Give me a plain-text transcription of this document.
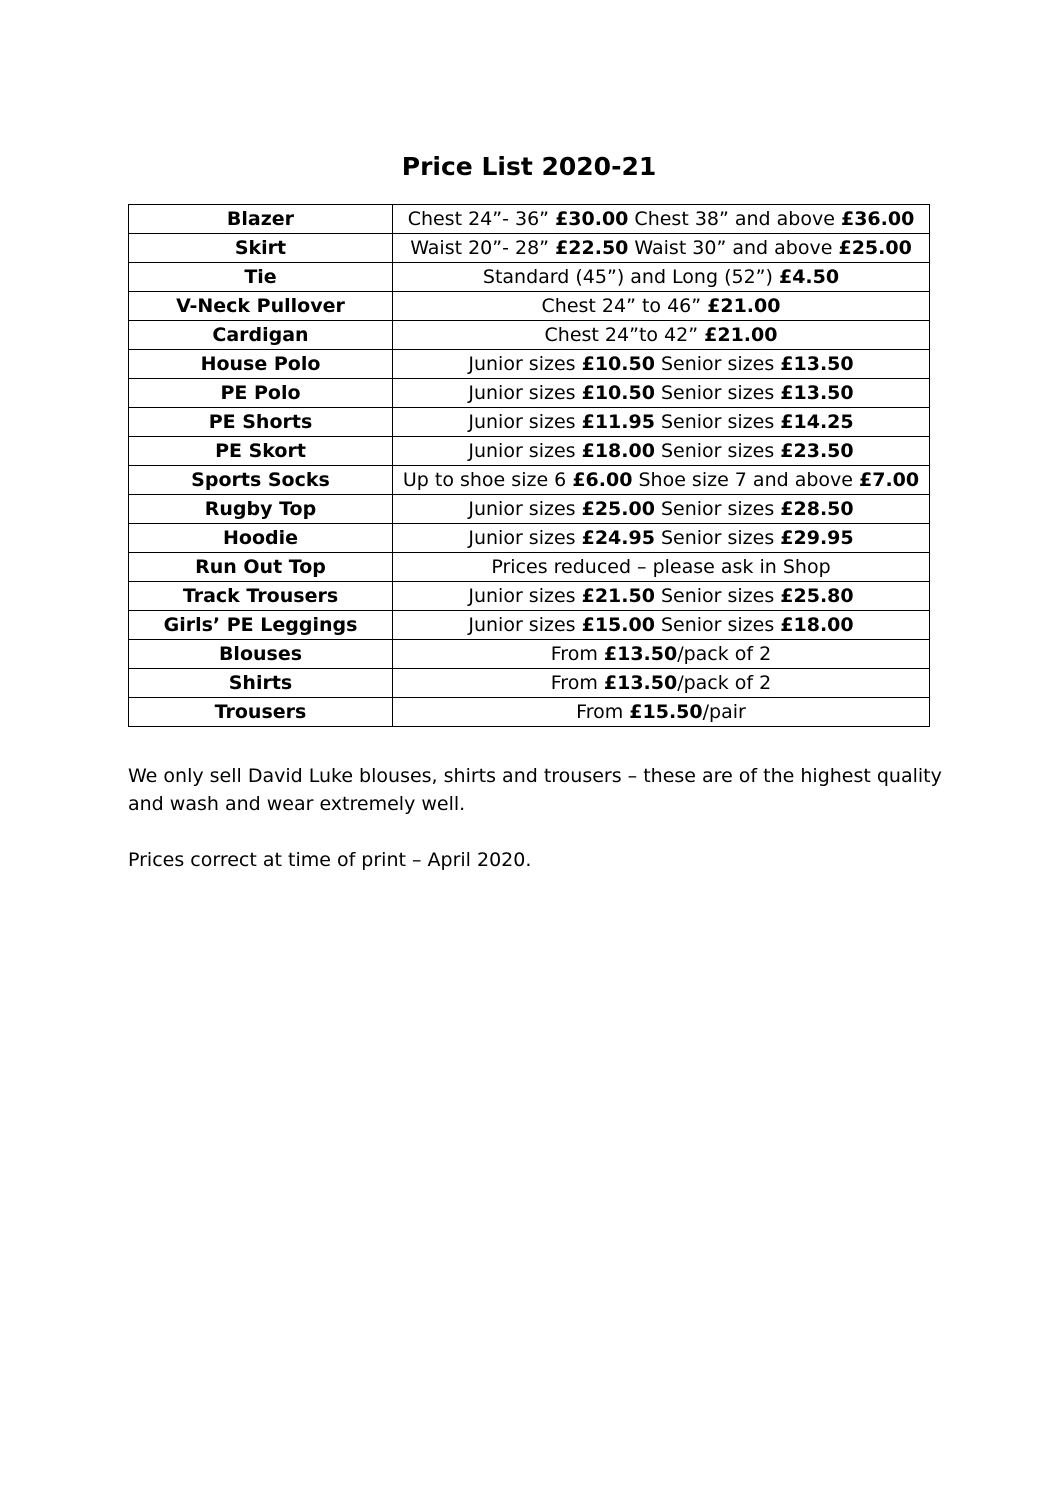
Price List 2020-21
Blazer	Chest 24”- 36” £30.00 Chest 38” and above £36.00
Skirt	Waist 20”- 28” £22.50 Waist 30” and above £25.00
Tie	Standard (45”) and Long (52”) £4.50
V-Neck Pullover	Chest 24” to 46” £21.00
Cardigan	Chest 24”to 42” £21.00
House Polo	Junior sizes £10.50 Senior sizes £13.50
PE Polo	Junior sizes £10.50 Senior sizes £13.50
PE Shorts	Junior sizes £11.95 Senior sizes £14.25
PE Skort	Junior sizes £18.00 Senior sizes £23.50
Sports Socks	Up to shoe size 6 £6.00 Shoe size 7 and above £7.00
Rugby Top	Junior sizes £25.00 Senior sizes £28.50
Hoodie	Junior sizes £24.95 Senior sizes £29.95
Run Out Top	Prices reduced – please ask in Shop
Track Trousers	Junior sizes £21.50 Senior sizes £25.80
Girls’ PE Leggings	Junior sizes £15.00 Senior sizes £18.00
Blouses	From £13.50/pack of 2
Shirts	From £13.50/pack of 2
Trousers	From £15.50/pair

We only sell David Luke blouses, shirts and trousers – these are of the highest quality and wash and wear extremely well.

Prices correct at time of print – April 2020.
